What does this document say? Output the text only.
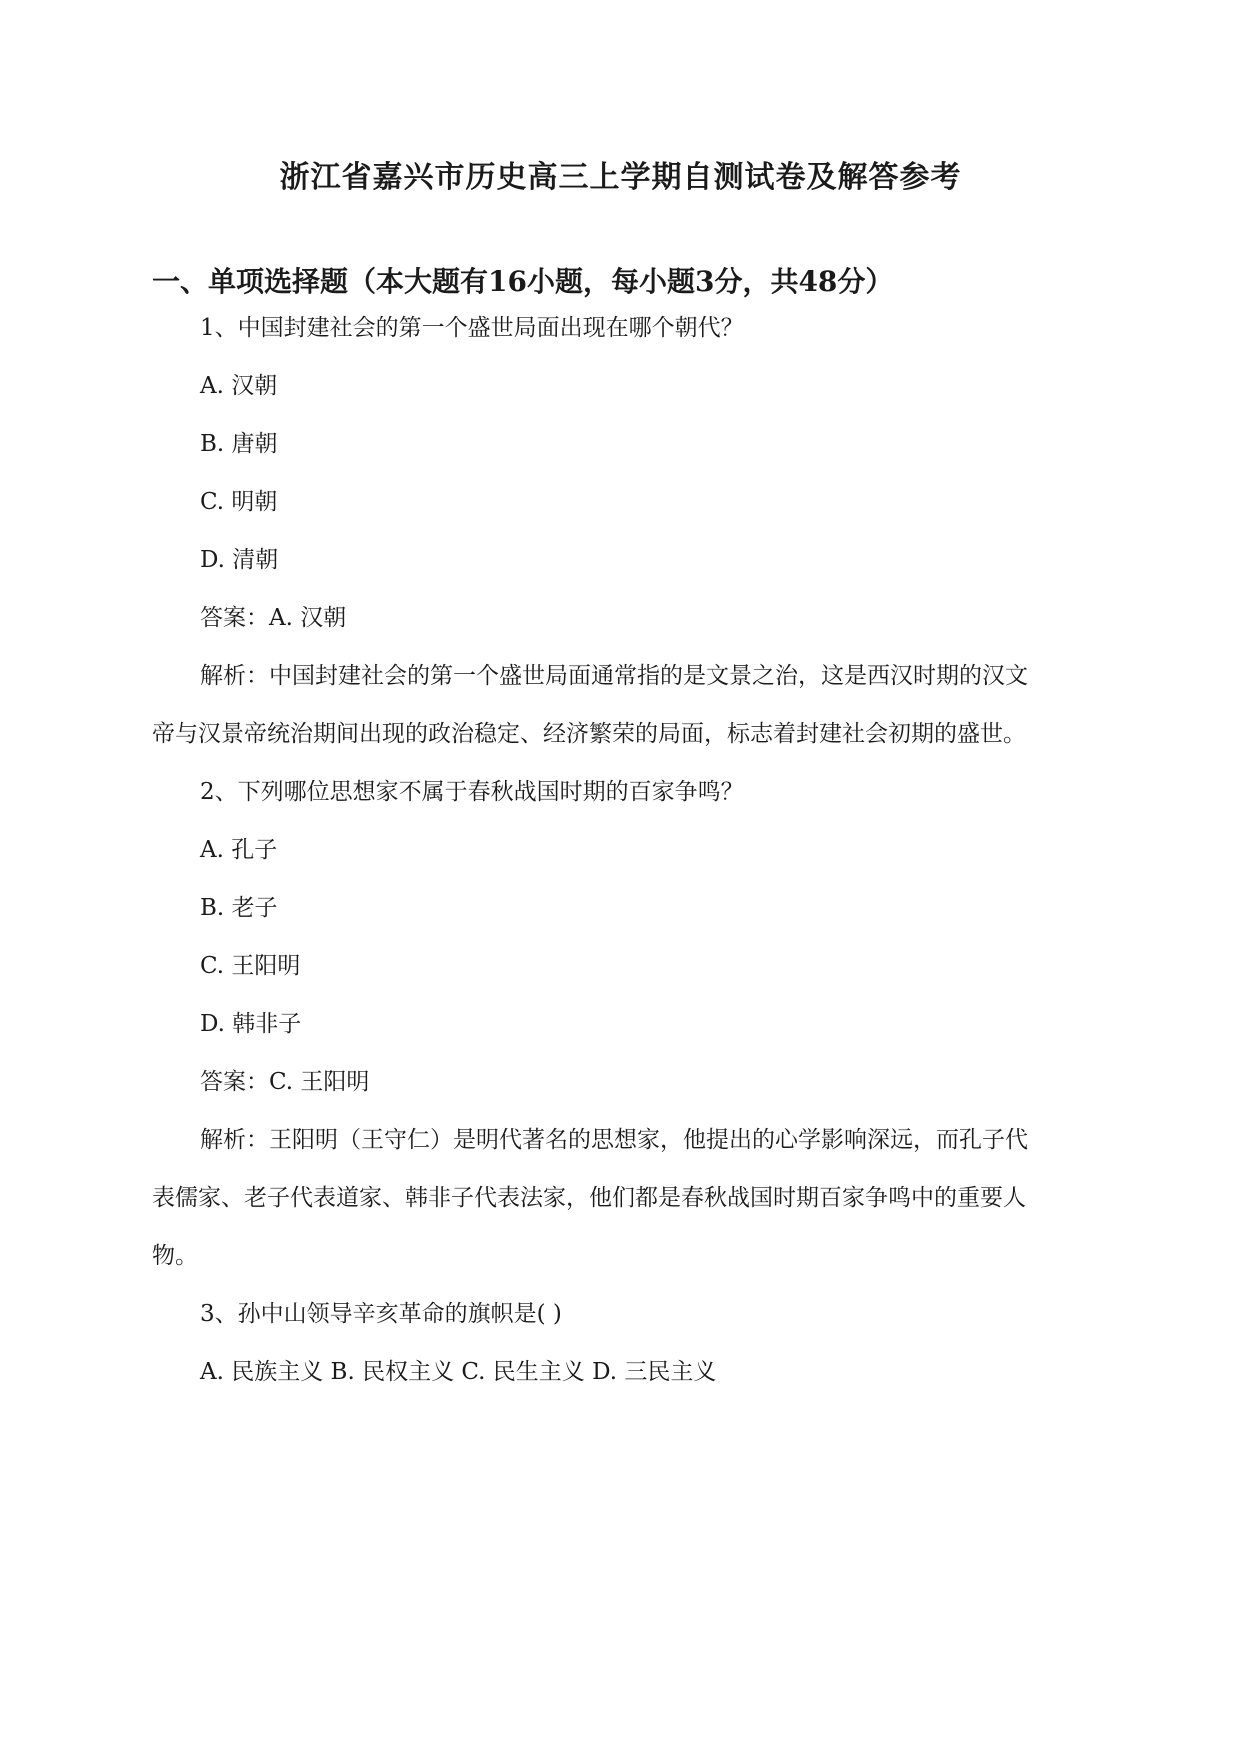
浙江省嘉兴市历史高三上学期自测试卷及解答参考
一、单项选择题（本大题有16小题，每小题3分，共48分）
1、中国封建社会的第一个盛世局面出现在哪个朝代？
A. 汉朝
B. 唐朝
C. 明朝
D. 清朝
答案：A. 汉朝
解析：中国封建社会的第一个盛世局面通常指的是文景之治，这是西汉时期的汉文
帝与汉景帝统治期间出现的政治稳定、经济繁荣的局面，标志着封建社会初期的盛世。
2、下列哪位思想家不属于春秋战国时期的百家争鸣？
A. 孔子
B. 老子
C. 王阳明
D. 韩非子
答案：C. 王阳明
解析：王阳明（王守仁）是明代著名的思想家，他提出的心学影响深远，而孔子代
表儒家、老子代表道家、韩非子代表法家，他们都是春秋战国时期百家争鸣中的重要人
物。
3、孙中山领导辛亥革命的旗帜是( )
A. 民族主义 B. 民权主义 C. 民生主义 D. 三民主义
